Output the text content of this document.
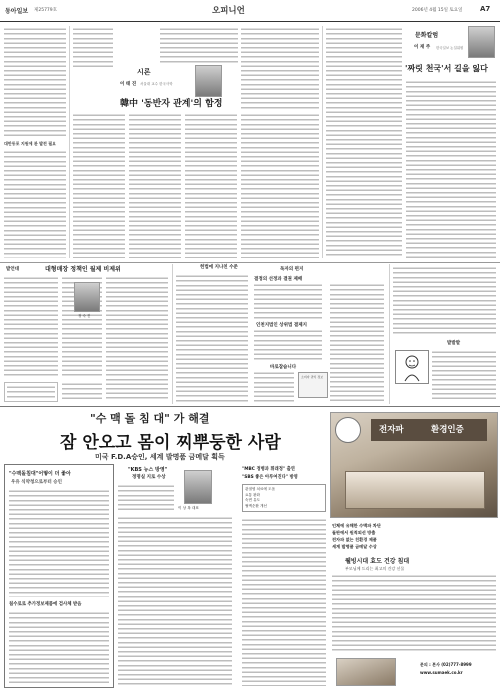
동아일보 제25779호	오피니언	2006년 4월 15일 토요일	A7
대만동포 지원에 관 발전 필요
시론
이 태 진 서울대 교수 한국사학
韓中 '동반자 관계'의 함정
문화칼럼
이 재 주 한국일보 논설위원
'짜릿 천국'서 길을 잃다
발언대	대형매장 정책인 월제 비제위
정 숙 진
헌법에 지나친 수준	독자의 편지
결정의 선정과 결권 제배
인천지법인 상위법 결제지
바로잡습니다
소비자 권익 정보
발발발
"수 맥 돌 침 대" 가 해결
잠 안오고 몸이 찌뿌둥한 사람
미국 F.D.A승인, 세계 발명품 금메달 획득
전자파	환경인증
"수맥돌침대"어떻이 더 좋아
우유 식약청으로부터 승인
침수로로 추가정보제품에 검사체 받음
"KBS 뉴스 방영"
정명실 지로 수상
이 상 복 대표
"MBC 정병과 휘래정" 출연
"SBS 좋은 아루여진다" 방영
관절염 치료에 도움
요통 완화
숙면 유도
혈액순환 개선
인체에 유해한 수맥파 차단
돌판에서 원적외선 방출
전자파 없는 친환경 제품
세계 발명품 금메달 수상
웰빙시대 효도 건강 침대
부모님께 드리는 최고의 건강 선물
문의 : 본사 (02)777-8999
www.sumaek.co.kr
